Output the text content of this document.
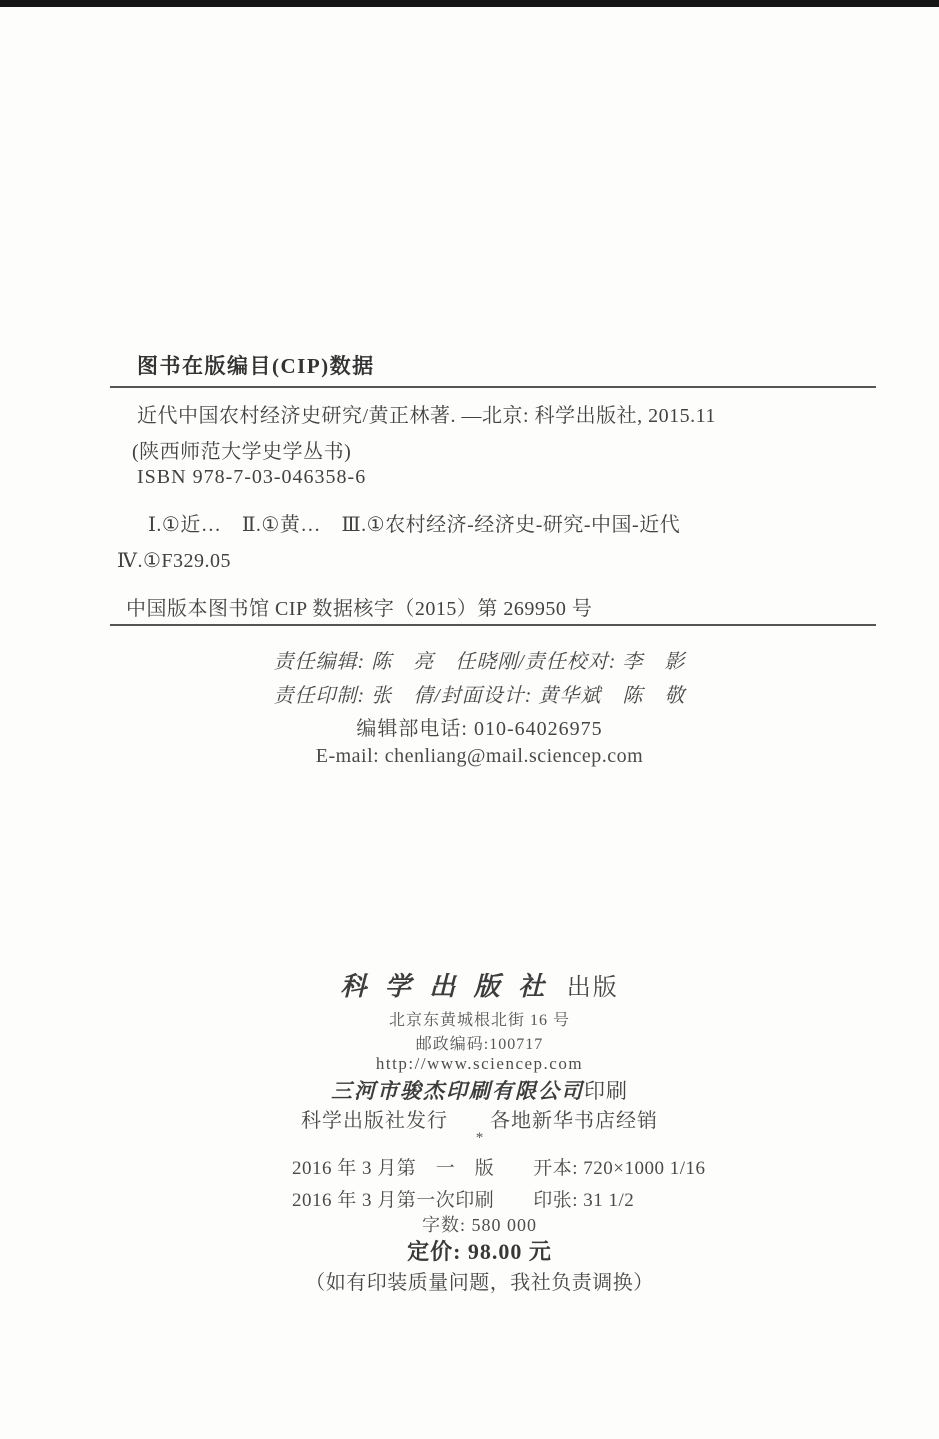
图书在版编目(CIP)数据
近代中国农村经济史研究/黄正林著. —北京: 科学出版社, 2015.11
(陕西师范大学史学丛书)
ISBN 978-7-03-046358-6
Ⅰ.①近…　Ⅱ.①黄…　Ⅲ.①农村经济-经济史-研究-中国-近代
Ⅳ.①F329.05
中国版本图书馆 CIP 数据核字（2015）第 269950 号
责任编辑: 陈　亮　任晓刚/责任校对: 李　影
责任印制: 张　倩/封面设计: 黄华斌　陈　敬
编辑部电话: 010-64026975
E-mail: chenliang@mail.sciencep.com
科 学 出 版 社 出版
北京东黄城根北街 16 号
邮政编码:100717
http://www.sciencep.com
三河市骏杰印刷有限公司印刷
科学出版社发行　　各地新华书店经销
*
2016 年 3 月第　一　版　　开本: 720×1000 1/16
2016 年 3 月第一次印刷　　印张: 31 1/2
字数: 580 000
定价: 98.00 元
（如有印装质量问题，我社负责调换）
